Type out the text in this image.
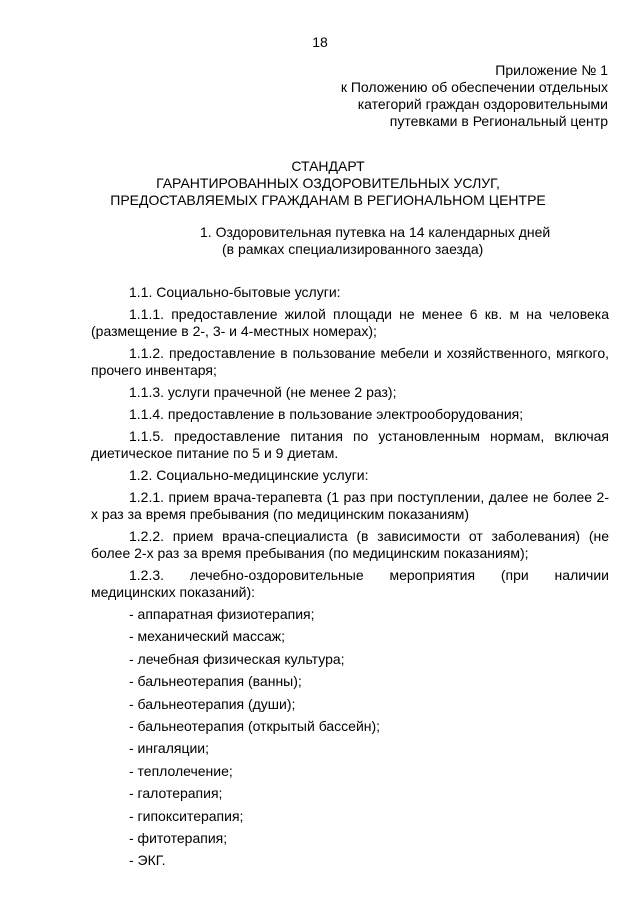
18
Приложение № 1
к Положению об обеспечении отдельных
категорий граждан оздоровительными
путевками в Региональный центр
СТАНДАРТ
ГАРАНТИРОВАННЫХ ОЗДОРОВИТЕЛЬНЫХ УСЛУГ,
ПРЕДОСТАВЛЯЕМЫХ ГРАЖДАНАМ В РЕГИОНАЛЬНОМ ЦЕНТРЕ
1. Оздоровительная путевка на 14 календарных дней
(в рамках специализированного заезда)

1.1. Социально-бытовые услуги:

1.1.1. предоставление жилой площади не менее 6 кв. м на человека (размещение в 2-, 3- и 4-местных номерах);

1.1.2. предоставление в пользование мебели и хозяйственного, мягкого, прочего инвентаря;

1.1.3. услуги прачечной (не менее 2 раз);

1.1.4. предоставление в пользование электрооборудования;

1.1.5. предоставление питания по установленным нормам, включая диетическое питание по 5 и 9 диетам.

1.2. Социально-медицинские услуги:

1.2.1. прием врача-терапевта (1 раз при поступлении, далее не более 2-х раз за время пребывания (по медицинским показаниям)

1.2.2. прием врача-специалиста (в зависимости от заболевания) (не более 2-х раз за время пребывания (по медицинским показаниям);

1.2.3. лечебно-оздоровительные мероприятия (при наличии медицинских показаний):

- аппаратная физиотерапия;
- механический массаж;
- лечебная физическая культура;
- бальнеотерапия (ванны);
- бальнеотерапия (души);
- бальнеотерапия (открытый бассейн);
- ингаляции;
- теплолечение;
- галотерапия;
- гипокситерапия;
- фитотерапия;
- ЭКГ.
